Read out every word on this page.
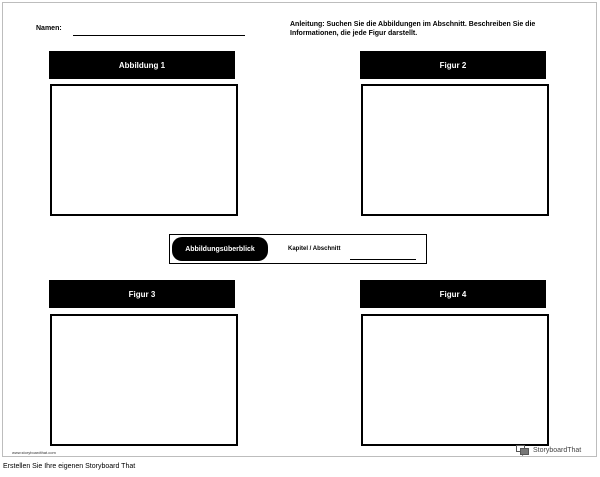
Namen:
Anleitung: Suchen Sie die Abbildungen im Abschnitt. Beschreiben Sie die Informationen, die jede Figur darstellt.
Abbildung 1	Figur 2
Abbildungsüberblick	Kapitel / Abschnitt
Figur 3	Figur 4
www.storyboardthat.com	StoryboardThat
Erstellen Sie Ihre eigenen Storyboard That
